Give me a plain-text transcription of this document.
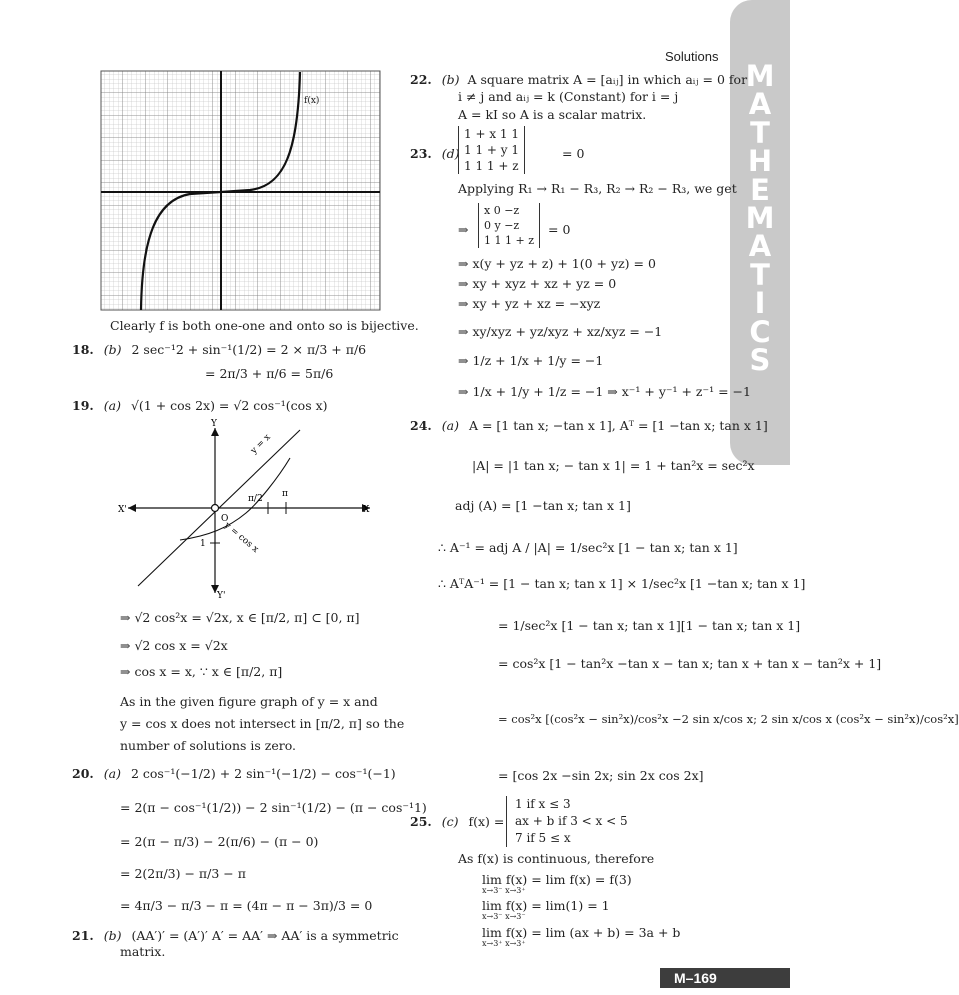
Solutions
M
A
T
H
E
M
A
T
I
C
S
M–169
f(x)
Clearly f is both one-one and onto so is bijective.
18. (b) 2 sec⁻¹2 + sin⁻¹(1/2) = 2 × π/3 + π/6
= 2π/3 + π/6 = 5π/6
19. (a) √(1 + cos 2x) = √2 cos⁻¹(cos x)
Y
Y'
X
X'
O
y = x
y = cos x
1
π/2 π
⇒ √2 cos²x = √2x, x ∈ [π/2, π] ⊂ [0, π]
⇒ √2 cos x = √2x
⇒ cos x = x, ∵ x ∈ [π/2, π]
As in the given figure graph of y = x and
y = cos x does not intersect in [π/2, π] so the
number of solutions is zero.
20. (a) 2 cos⁻¹(−1/2) + 2 sin⁻¹(−1/2) − cos⁻¹(−1)
= 2(π − cos⁻¹(1/2)) − 2 sin⁻¹(1/2) − (π − cos⁻¹1)
= 2(π − π/3) − 2(π/6) − (π − 0)
= 2(2π/3) − π/3 − π
= 4π/3 − π/3 − π = (4π − π − 3π)/3 = 0
21. (b) (AA′)′ = (A′)′ A′ = AA′ ⇒ AA′ is a symmetric
matrix.
22. (b) A square matrix A = [aᵢⱼ] in which aᵢⱼ = 0 for
i ≠ j and aᵢⱼ = k (Constant) for i = j
A = kI so A is a scalar matrix.
23. (d)
1 + x 1 1
1 1 + y 1
1 1 1 + z
= 0
Applying R₁ → R₁ − R₃, R₂ → R₂ − R₃, we get
⇒
x 0 −z
0 y −z
1 1 1 + z
= 0
⇒ x(y + yz + z) + 1(0 + yz) = 0
⇒ xy + xyz + xz + yz = 0
⇒ xy + yz + xz = −xyz
⇒ xy/xyz + yz/xyz + xz/xyz = −1
⇒ 1/z + 1/x + 1/y = −1
⇒ 1/x + 1/y + 1/z = −1 ⇒ x⁻¹ + y⁻¹ + z⁻¹ = −1
24. (a) A = [1 tan x; −tan x 1], Aᵀ = [1 −tan x; tan x 1]
|A| = |1 tan x; − tan x 1| = 1 + tan²x = sec²x
adj (A) = [1 −tan x; tan x 1]
∴ A⁻¹ = adj A / |A| = 1/sec²x [1 − tan x; tan x 1]
∴ AᵀA⁻¹ = [1 − tan x; tan x 1] × 1/sec²x [1 −tan x; tan x 1]
= 1/sec²x [1 − tan x; tan x 1][1 − tan x; tan x 1]
= cos²x [1 − tan²x −tan x − tan x; tan x + tan x − tan²x + 1]
= cos²x [(cos²x − sin²x)/cos²x −2 sin x/cos x; 2 sin x/cos x (cos²x − sin²x)/cos²x]
= [cos 2x −sin 2x; sin 2x cos 2x]
25. (c) f(x) =
1 if x ≤ 3
ax + b if 3 < x < 5
7 if 5 ≤ x
As f(x) is continuous, therefore
lim f(x) = lim f(x) = f(3)
x→3⁻ x→3⁺
lim f(x) = lim(1) = 1
x→3⁻ x→3⁻
lim f(x) = lim (ax + b) = 3a + b
x→3⁺ x→3⁺
